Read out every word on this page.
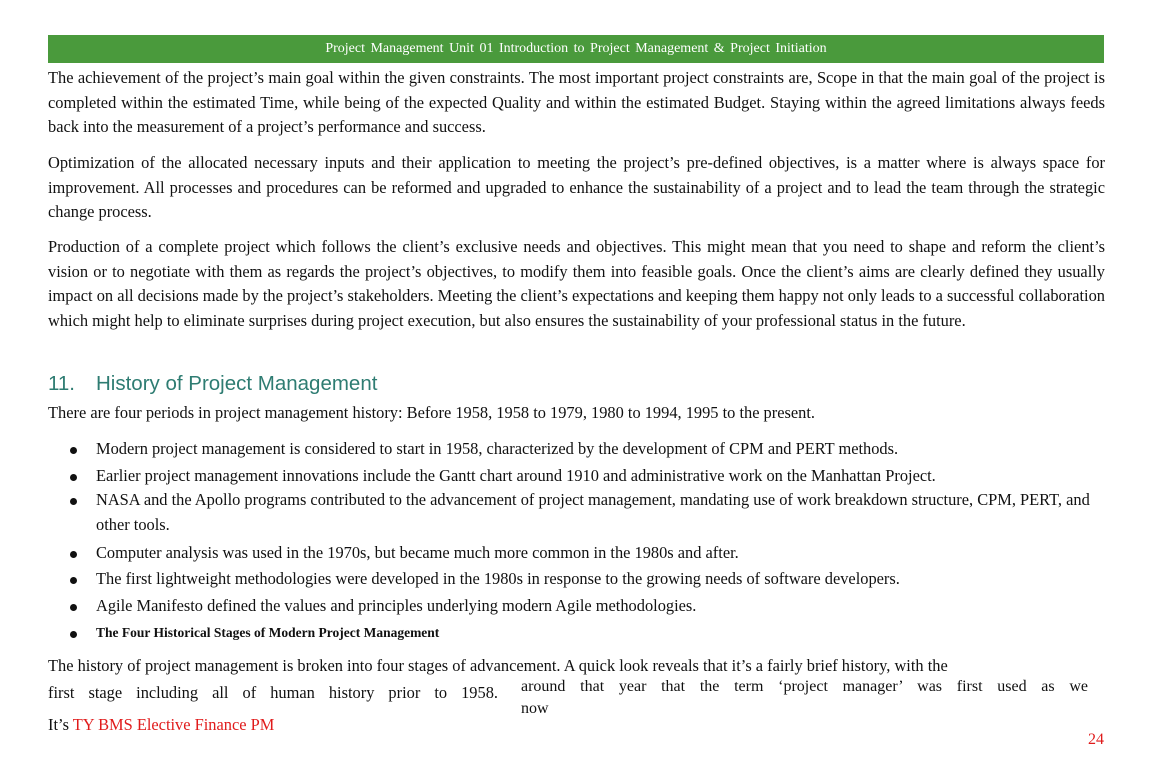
Project Management Unit 01 Introduction to Project Management & Project Initiation

The achievement of the project’s main goal within the given constraints. The most important project constraints are, Scope in that the main goal of the project is completed within the estimated Time, while being of the expected Quality and within the estimated Budget. Staying within the agreed limitations always feeds back into the measurement of a project’s performance and success.

Optimization of the allocated necessary inputs and their application to meeting the project’s pre-defined objectives, is a matter where is always space for improvement. All processes and procedures can be reformed and upgraded to enhance the sustainability of a project and to lead the team through the strategic change process.

Production of a complete project which follows the client’s exclusive needs and objectives. This might mean that you need to shape and reform the client’s vision or to negotiate with them as regards the project’s objectives, to modify them into feasible goals. Once the client’s aims are clearly defined they usually impact on all decisions made by the project’s stakeholders. Meeting the client’s expectations and keeping them happy not only leads to a successful collaboration which might help to eliminate surprises during project execution, but also ensures the sustainability of your professional status in the future.

11. History of Project Management

There are four periods in project management history: Before 1958, 1958 to 1979, 1980 to 1994, 1995 to the present.

Modern project management is considered to start in 1958, characterized by the development of CPM and PERT methods.
Earlier project management innovations include the Gantt chart around 1910 and administrative work on the Manhattan Project.
NASA and the Apollo programs contributed to the advancement of project management, mandating use of work breakdown structure, CPM, PERT, and other tools.
Computer analysis was used in the 1970s, but became much more common in the 1980s and after.
The first lightweight methodologies were developed in the 1980s in response to the growing needs of software developers.
Agile Manifesto defined the values and principles underlying modern Agile methodologies.
The Four Historical Stages of Modern Project Management

The history of project management is broken into four stages of advancement. A quick look reveals that it’s a fairly brief history, with the

first stage including all of human history prior to 1958. around that year that the term ‘project manager’ was first used as we
now

It’s TY BMS Elective Finance PM

24
